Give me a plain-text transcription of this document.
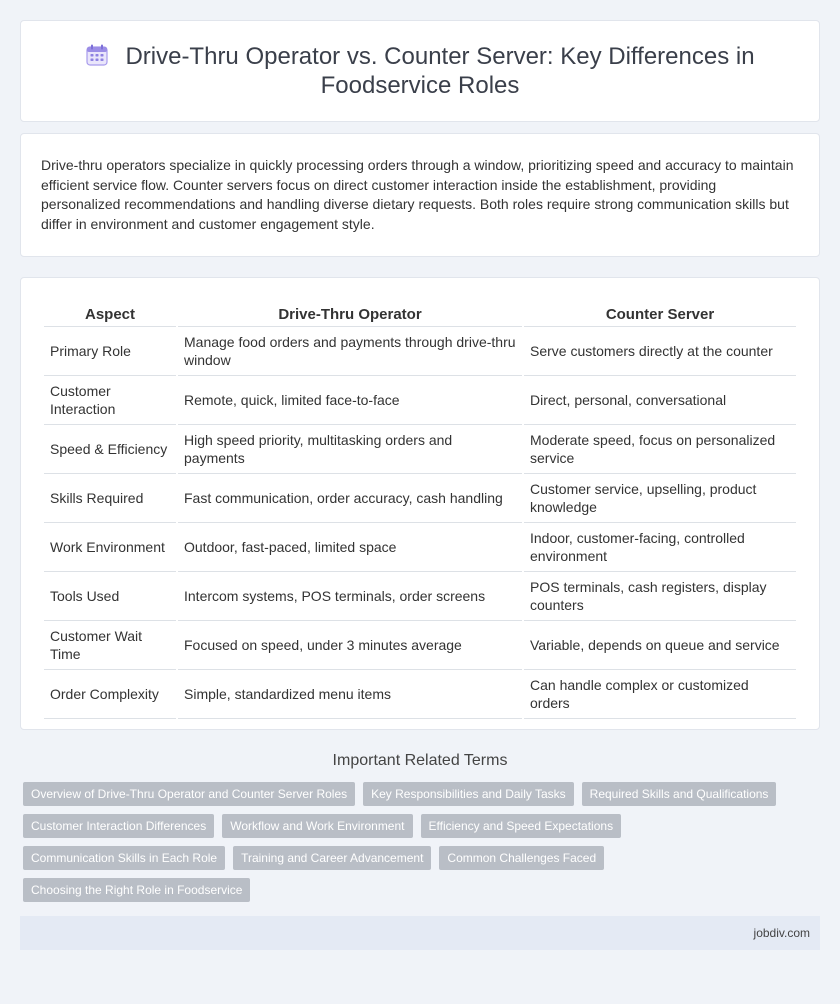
Drive-Thru Operator vs. Counter Server: Key Differences in Foodservice Roles
Drive-thru operators specialize in quickly processing orders through a window, prioritizing speed and accuracy to maintain efficient service flow. Counter servers focus on direct customer interaction inside the establishment, providing personalized recommendations and handling diverse dietary requests. Both roles require strong communication skills but differ in environment and customer engagement style.
Aspect	Drive-Thru Operator	Counter Server
Primary Role	Manage food orders and payments through drive-thru window	Serve customers directly at the counter
Customer Interaction	Remote, quick, limited face-to-face	Direct, personal, conversational
Speed & Efficiency	High speed priority, multitasking orders and payments	Moderate speed, focus on personalized service
Skills Required	Fast communication, order accuracy, cash handling	Customer service, upselling, product knowledge
Work Environment	Outdoor, fast-paced, limited space	Indoor, customer-facing, controlled environment
Tools Used	Intercom systems, POS terminals, order screens	POS terminals, cash registers, display counters
Customer Wait Time	Focused on speed, under 3 minutes average	Variable, depends on queue and service
Order Complexity	Simple, standardized menu items	Can handle complex or customized orders
Important Related Terms
Overview of Drive-Thru Operator and Counter Server Roles	Key Responsibilities and Daily Tasks	Required Skills and Qualifications
Customer Interaction Differences	Workflow and Work Environment	Efficiency and Speed Expectations
Communication Skills in Each Role	Training and Career Advancement	Common Challenges Faced
Choosing the Right Role in Foodservice
jobdiv.com
